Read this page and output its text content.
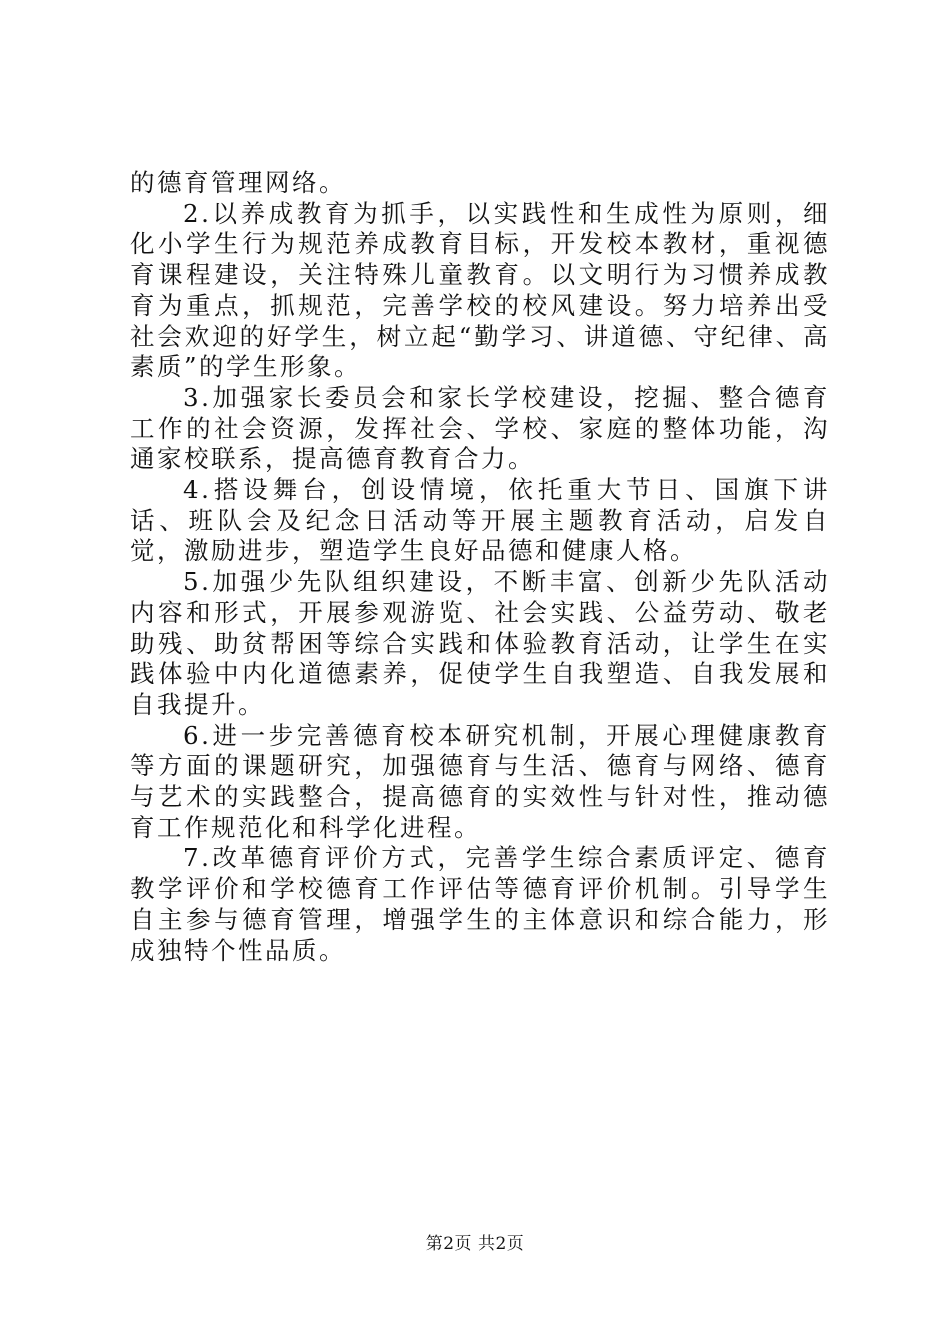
的德育管理网络。

2.以养成教育为抓手，以实践性和生成性为原则，细化小学生行为规范养成教育目标，开发校本教材，重视德育课程建设，关注特殊儿童教育。以文明行为习惯养成教育为重点，抓规范，完善学校的校风建设。努力培养出受社会欢迎的好学生，树立起“勤学习、讲道德、守纪律、高素质”的学生形象。

3.加强家长委员会和家长学校建设，挖掘、整合德育工作的社会资源，发挥社会、学校、家庭的整体功能，沟通家校联系，提高德育教育合力。

4.搭设舞台，创设情境，依托重大节日、国旗下讲话、班队会及纪念日活动等开展主题教育活动，启发自觉，激励进步，塑造学生良好品德和健康人格。

5.加强少先队组织建设，不断丰富、创新少先队活动内容和形式，开展参观游览、社会实践、公益劳动、敬老助残、助贫帮困等综合实践和体验教育活动，让学生在实践体验中内化道德素养，促使学生自我塑造、自我发展和自我提升。

6.进一步完善德育校本研究机制，开展心理健康教育等方面的课题研究，加强德育与生活、德育与网络、德育与艺术的实践整合，提高德育的实效性与针对性，推动德育工作规范化和科学化进程。

7.改革德育评价方式，完善学生综合素质评定、德育教学评价和学校德育工作评估等德育评价机制。引导学生自主参与德育管理，增强学生的主体意识和综合能力，形成独特个性品质。

第2页 共2页
